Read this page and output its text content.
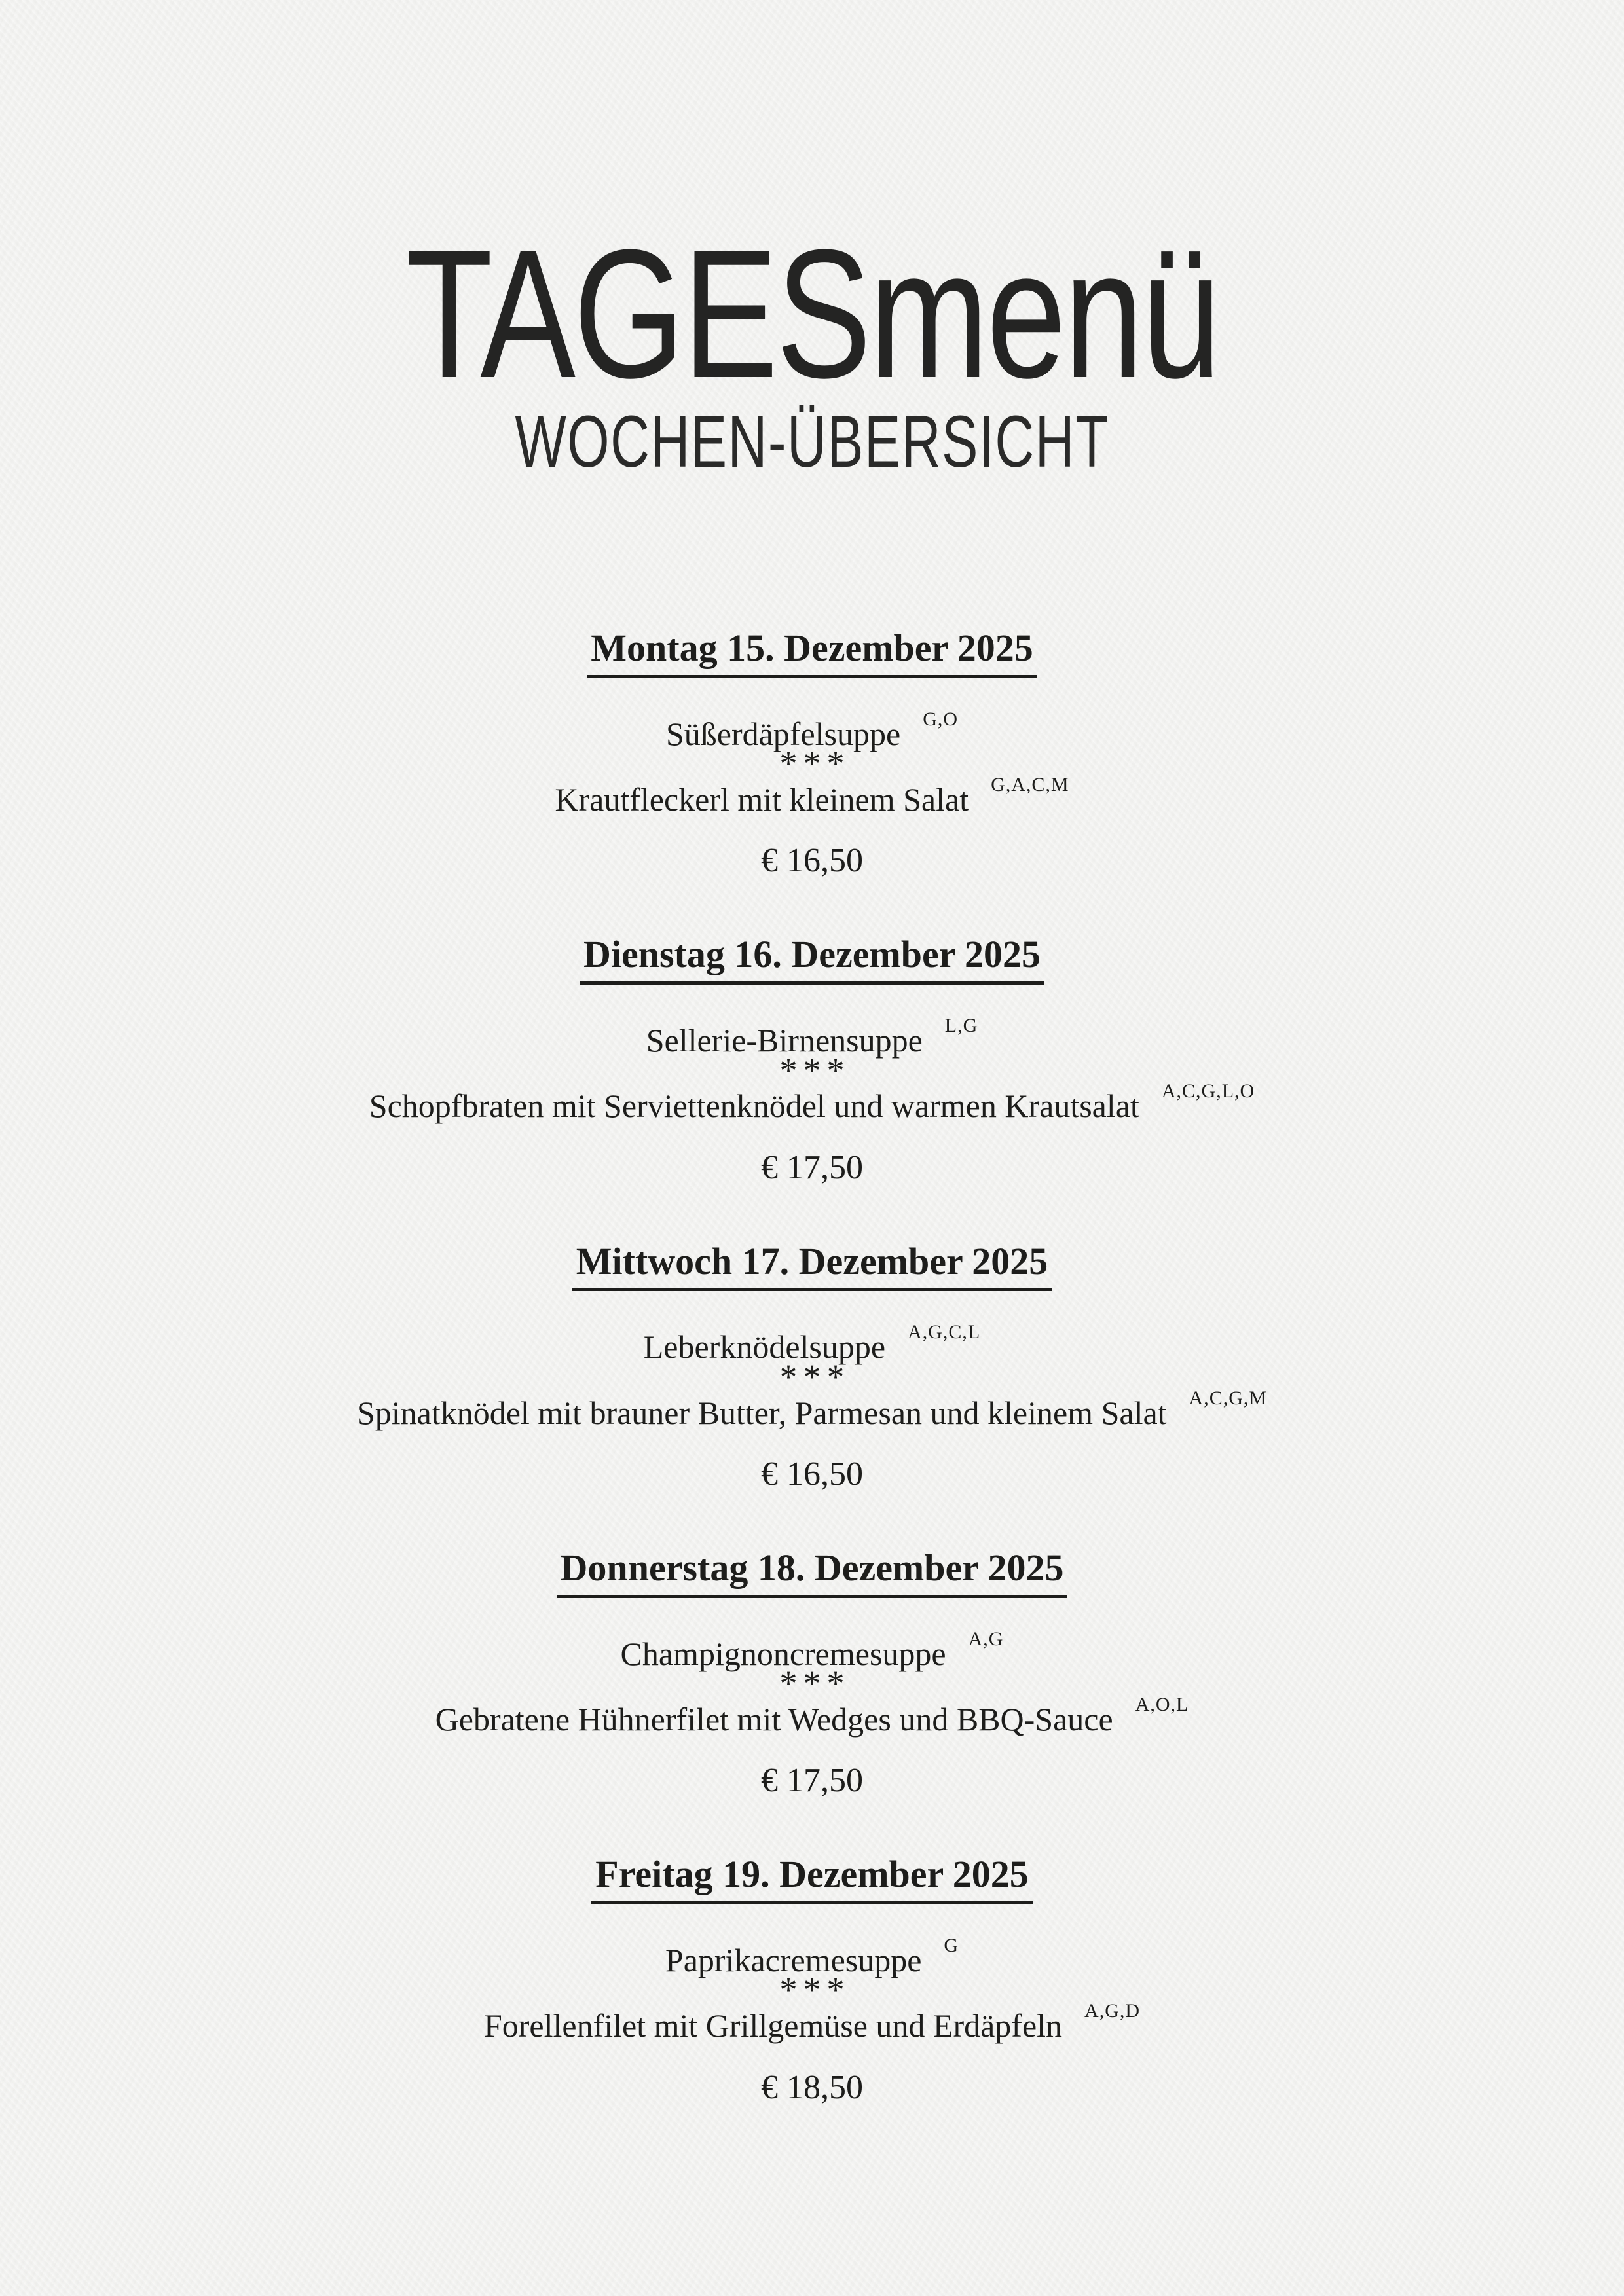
TAGESmenü

WOCHEN-ÜBERSICHT

Montag 15. Dezember 2025

Süßerdäpfelsuppe $^{G,O}$

***

Krautfleckerl mit kleinem Salat $^{G,A,C,M}$

€ 16,50

Dienstag 16. Dezember 2025

Sellerie-Birnensuppe $^{L,G}$

***

Schopfbraten mit Serviettenknödel und warmen Krautsalat $^{A,C,G,L,O}$

€ 17,50

Mittwoch 17. Dezember 2025

Leberknödelsuppe $^{A,G,C,L}$

***

Spinatknödel mit brauner Butter, Parmesan und kleinem Salat $^{A,C,G,M}$

€ 16,50

Donnerstag 18. Dezember 2025

Champignoncremesuppe $^{A,G}$

***

Gebratene Hühnerfilet mit Wedges und BBQ-Sauce $^{A,O,L}$

€ 17,50

Freitag 19. Dezember 2025

Paprikacremesuppe $^G$

***

Forellenfilet mit Grillgemüse und Erdäpfeln $^{A,G,D}$

€ 18,50
